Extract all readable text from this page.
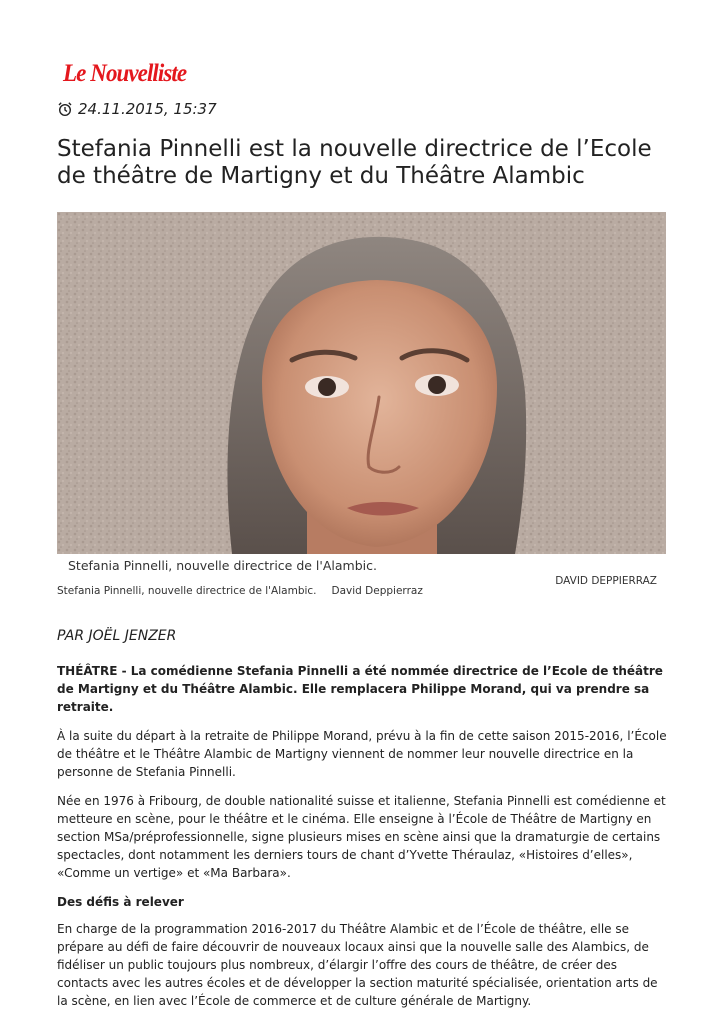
Le Nouvelliste
24.11.2015, 15:37
Stefania Pinnelli est la nouvelle directrice de l’Ecole de théâtre de Martigny et du Théâtre Alambic
Stefania Pinnelli, nouvelle directrice de l'Alambic.
DAVID DEPPIERRAZ
Stefania Pinnelli, nouvelle directrice de l'Alambic. David Deppierraz
PAR JOËL JENZER

THÉÂTRE - La comédienne Stefania Pinnelli a été nommée directrice de l’Ecole de théâtre de Martigny et du Théâtre Alambic. Elle remplacera Philippe Morand, qui va prendre sa retraite.

À la suite du départ à la retraite de Philippe Morand, prévu à la fin de cette saison 2015-2016, l’École de théâtre et le Théâtre Alambic de Martigny viennent de nommer leur nouvelle directrice en la personne de Stefania Pinnelli.

Née en 1976 à Fribourg, de double nationalité suisse et italienne, Stefania Pinnelli est comédienne et metteure en scène, pour le théâtre et le cinéma. Elle enseigne à l’École de Théâtre de Martigny en section MSa/préprofessionnelle, signe plusieurs mises en scène ainsi que la dramaturgie de certains spectacles, dont notamment les derniers tours de chant d’Yvette Théraulaz, «Histoires d’elles», «Comme un vertige» et «Ma Barbara».

Des défis à relever

En charge de la programmation 2016-2017 du Théâtre Alambic et de l’École de théâtre, elle se prépare au défi de faire découvrir de nouveaux locaux ainsi que la nouvelle salle des Alambics, de fidéliser un public toujours plus nombreux, d’élargir l’offre des cours de théâtre, de créer des contacts avec les autres écoles et de développer la section maturité spécialisée, orientation arts de la scène, en lien avec l’École de commerce et de culture générale de Martigny.
